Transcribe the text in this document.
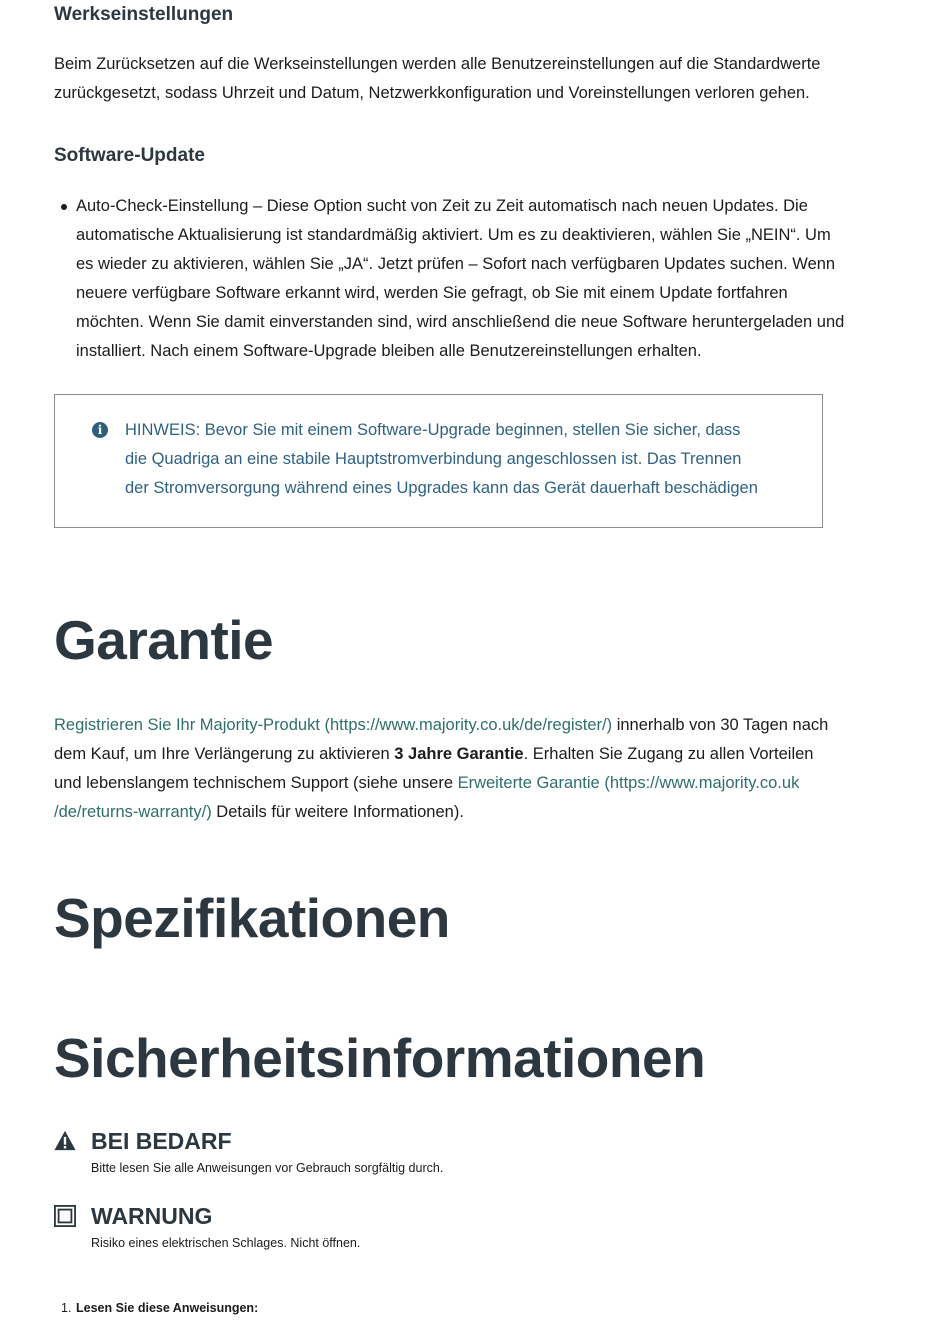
Werkseinstellungen

Beim Zurücksetzen auf die Werkseinstellungen werden alle Benutzereinstellungen auf die Standardwerte zurückgesetzt, sodass Uhrzeit und Datum, Netzwerkkonfiguration und Voreinstellungen verloren gehen.

Software-Update
Auto-Check-Einstellung – Diese Option sucht von Zeit zu Zeit automatisch nach neuen Updates. Die automatische Aktualisierung ist standardmäßig aktiviert. Um es zu deaktivieren, wählen Sie „NEIN“. Um es wieder zu aktivieren, wählen Sie „JA“. Jetzt prüfen – Sofort nach verfügbaren Updates suchen. Wenn neuere verfügbare Software erkannt wird, werden Sie gefragt, ob Sie mit einem Update fortfahren möchten. Wenn Sie damit einverstanden sind, wird anschließend die neue Software heruntergeladen und installiert. Nach einem Software-Upgrade bleiben alle Benutzereinstellungen erhalten.
i	HINWEIS: Bevor Sie mit einem Software-Upgrade beginnen, stellen Sie sicher, dass die Quadriga an eine stabile Hauptstromverbindung angeschlossen ist. Das Trennen der Stromversorgung während eines Upgrades kann das Gerät dauerhaft beschädigen

Garantie

Registrieren Sie Ihr Majority-Produkt (https://www.majority.co.uk/de/register/) innerhalb von 30 Tagen nach dem Kauf, um Ihre Verlängerung zu aktivieren 3 Jahre Garantie. Erhalten Sie Zugang zu allen Vorteilen und lebenslangem technischem Support (siehe unsere Erweiterte Garantie (https://www.majority.co.uk /de/returns-warranty/) Details für weitere Informationen).

Spezifikationen
Sicherheitsinformationen
BEI BEDARF

Bitte lesen Sie alle Anweisungen vor Gebrauch sorgfältig durch.

WARNUNG

Risiko eines elektrischen Schlages. Nicht öffnen.

1. Lesen Sie diese Anweisungen:
